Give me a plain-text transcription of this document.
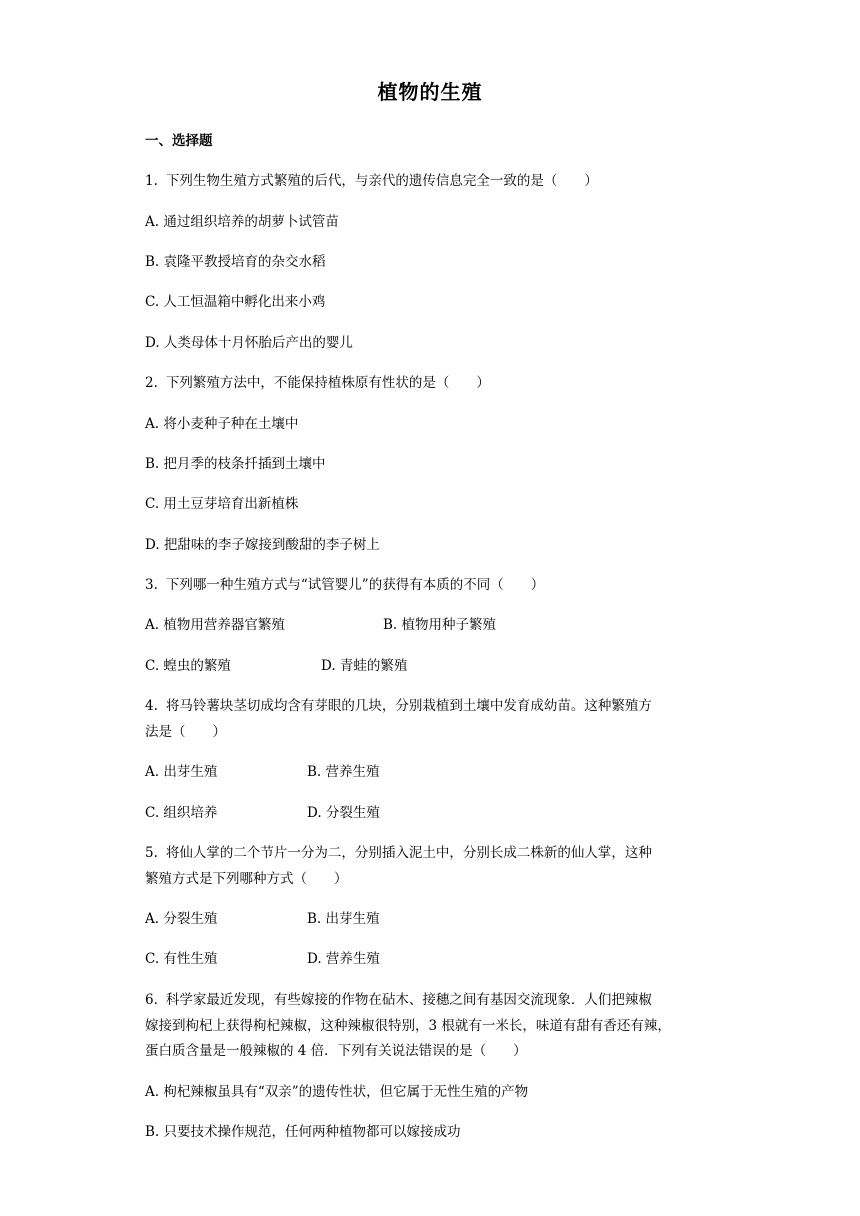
植物的生殖
一、选择题
1. 下列生物生殖方式繁殖的后代，与亲代的遗传信息完全一致的是（　　）
A. 通过组织培养的胡萝卜试管苗
B. 袁隆平教授培育的杂交水稻
C. 人工恒温箱中孵化出来小鸡
D. 人类母体十月怀胎后产出的婴儿
2. 下列繁殖方法中，不能保持植株原有性状的是（　　）
A. 将小麦种子种在土壤中
B. 把月季的枝条扦插到土壤中
C. 用土豆芽培育出新植株
D. 把甜味的李子嫁接到酸甜的李子树上
3. 下列哪一种生殖方式与“试管婴儿”的获得有本质的不同（　　）
A. 植物用营养器官繁殖	B. 植物用种子繁殖
C. 蝗虫的繁殖	D. 青蛙的繁殖
4. 将马铃薯块茎切成均含有芽眼的几块，分别栽植到土壤中发育成幼苗。这种繁殖方
法是（　　）
A. 出芽生殖	B. 营养生殖
C. 组织培养	D. 分裂生殖
5. 将仙人掌的二个节片一分为二，分别插入泥土中，分别长成二株新的仙人掌，这种
繁殖方式是下列哪种方式（　　）
A. 分裂生殖	B. 出芽生殖
C. 有性生殖	D. 营养生殖
6. 科学家最近发现，有些嫁接的作物在砧木、接穗之间有基因交流现象．人们把辣椒
嫁接到枸杞上获得枸杞辣椒，这种辣椒很特别，3 根就有一米长，味道有甜有香还有辣，
蛋白质含量是一般辣椒的 4 倍．下列有关说法错误的是（　　）
A. 枸杞辣椒虽具有“双亲”的遗传性状，但它属于无性生殖的产物
B. 只要技术操作规范，任何两种植物都可以嫁接成功
